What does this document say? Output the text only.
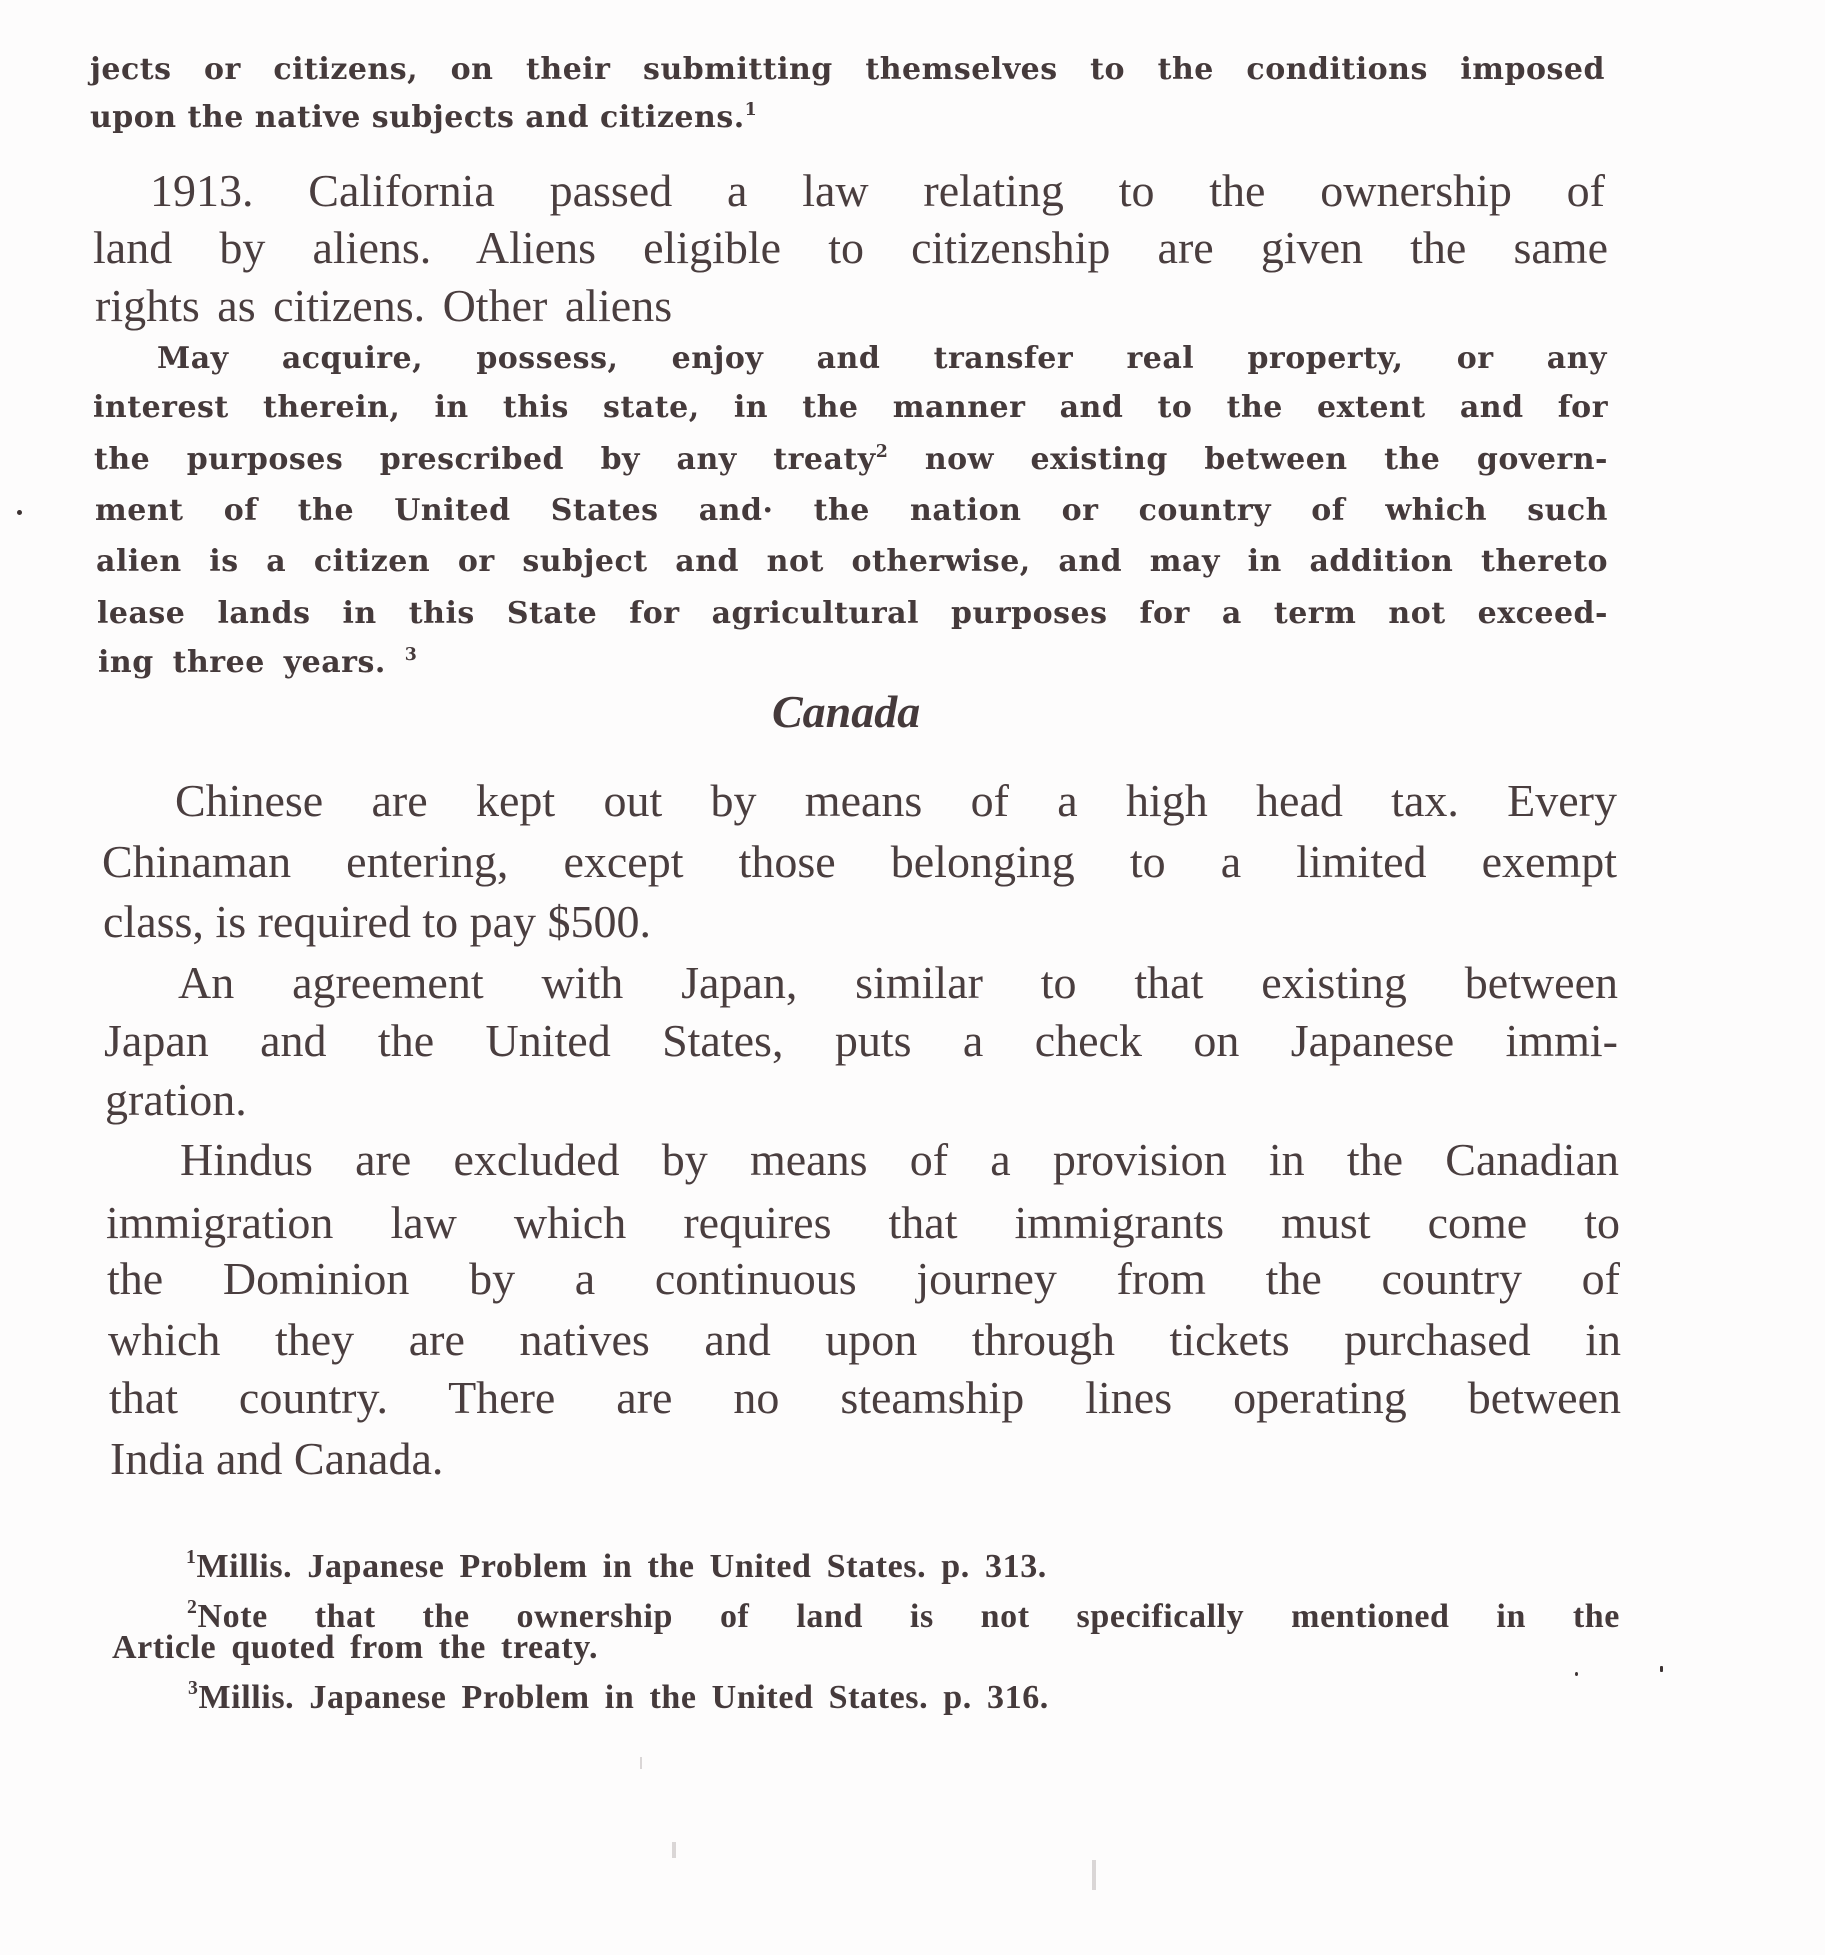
jects or citizens, on their submitting themselves to the conditions imposed
upon the native subjects and citizens.$^1$
1913. California passed a law relating to the ownership of
land by aliens. Aliens eligible to citizenship are given the same
rights as citizens. Other aliens
May acquire, possess, enjoy and transfer real property, or any
interest therein, in this state, in the manner and to the extent and for
the purposes prescribed by any treaty$^2$ now existing between the govern-
ment of the United States and· the nation or country of which such
alien is a citizen or subject and not otherwise, and may in addition thereto
lease lands in this State for agricultural purposes for a term not exceed-
ing three years. $^3$
Canada
Chinese are kept out by means of a high head tax. Every
Chinaman entering, except those belonging to a limited exempt
class, is required to pay $500.
An agreement with Japan, similar to that existing between
Japan and the United States, puts a check on Japanese immi-
gration.
Hindus are excluded by means of a provision in the Canadian
immigration law which requires that immigrants must come to
the Dominion by a continuous journey from the country of
which they are natives and upon through tickets purchased in
that country. There are no steamship lines operating between
India and Canada.
$^1$Millis. Japanese Problem in the United States. p. 313.
$^2$Note that the ownership of land is not specifically mentioned in the
Article quoted from the treaty.
$^3$Millis. Japanese Problem in the United States. p. 316.
